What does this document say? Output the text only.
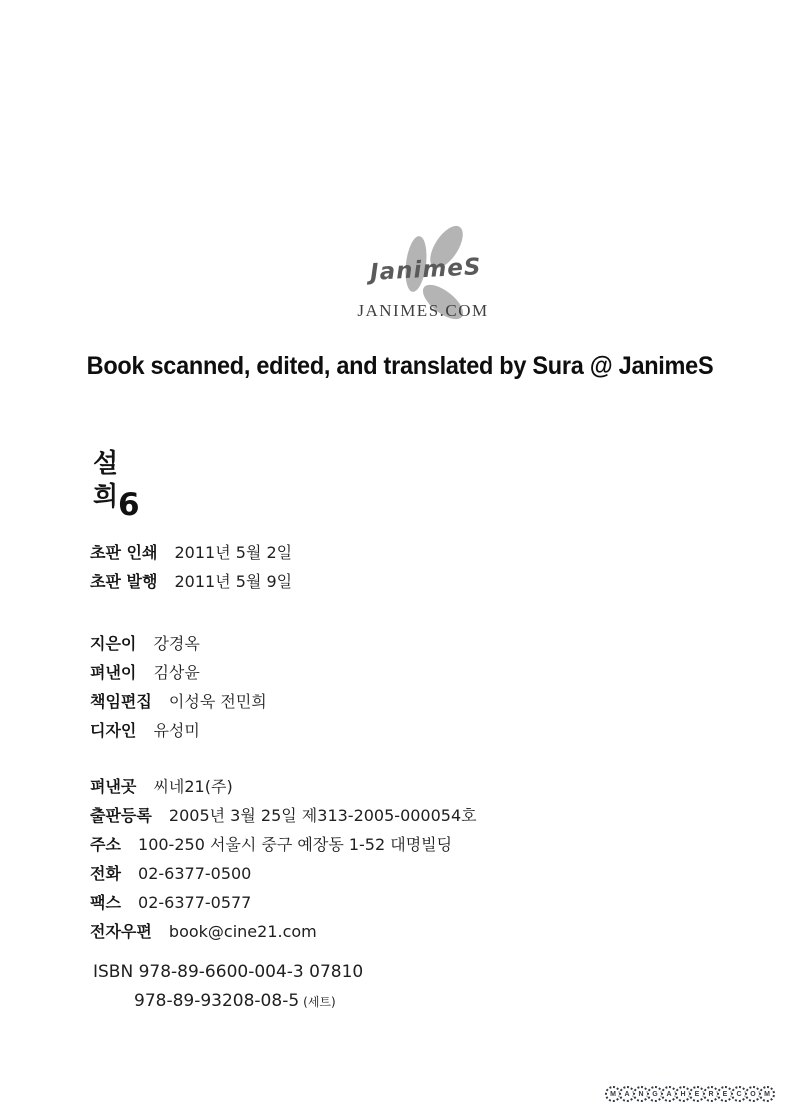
JanimeS
JANIMES.COM
Book scanned, edited, and translated by Sura @ JanimeS
설
희 6
초판 인쇄 2011년 5월 2일
초판 발행 2011년 5월 9일
지은이 강경옥
펴낸이 김상윤
책임편집 이성욱 전민희
디자인 유성미
펴낸곳 씨네21(주)
출판등록 2005년 3월 25일 제313-2005-000054호
주소 100-250 서울시 중구 예장동 1-52 대명빌딩
전화 02-6377-0500
팩스 02-6377-0577
전자우편 book@cine21.com
ISBN 978-89-6600-004-3 07810
978-89-93208-08-5 (세트)
M	A	N	G	A	H	E	R	E	C	O	M
